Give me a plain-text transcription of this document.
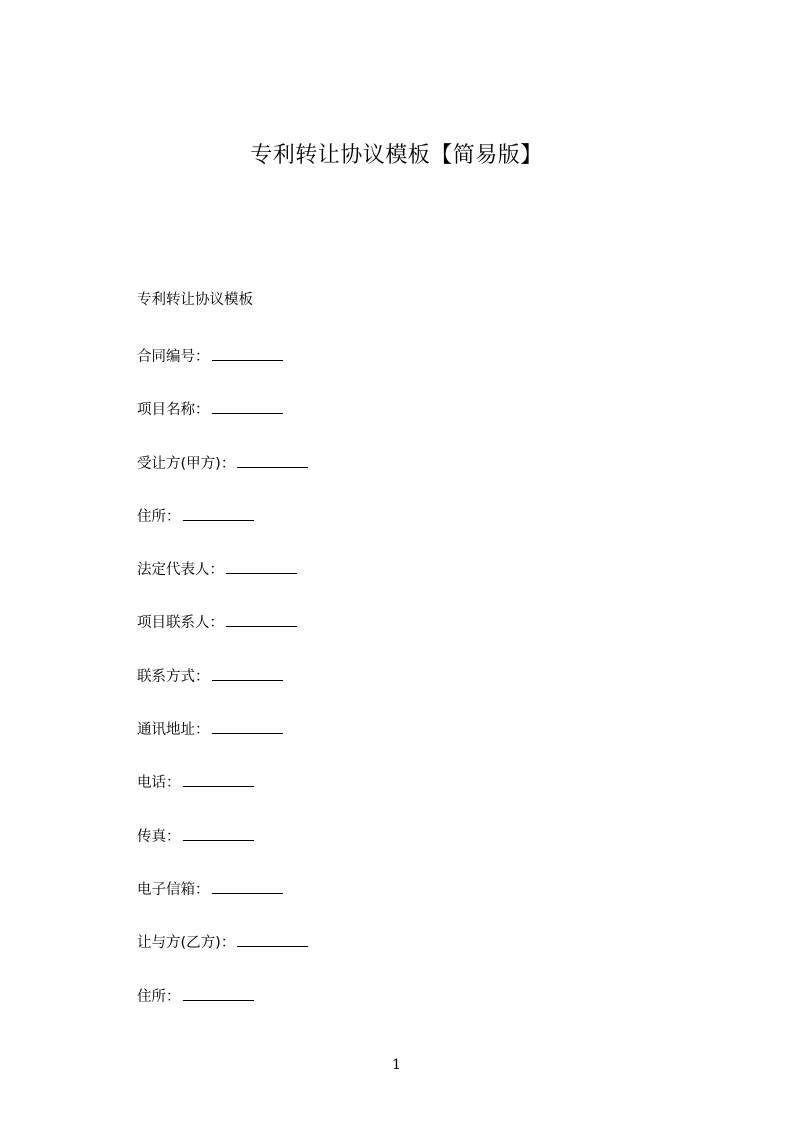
专利转让协议模板【简易版】
专利转让协议模板
合同编号：
项目名称：
受让方(甲方)：
住所：
法定代表人：
项目联系人：
联系方式：
通讯地址：
电话：
传真：
电子信箱：
让与方(乙方)：
住所：
1
